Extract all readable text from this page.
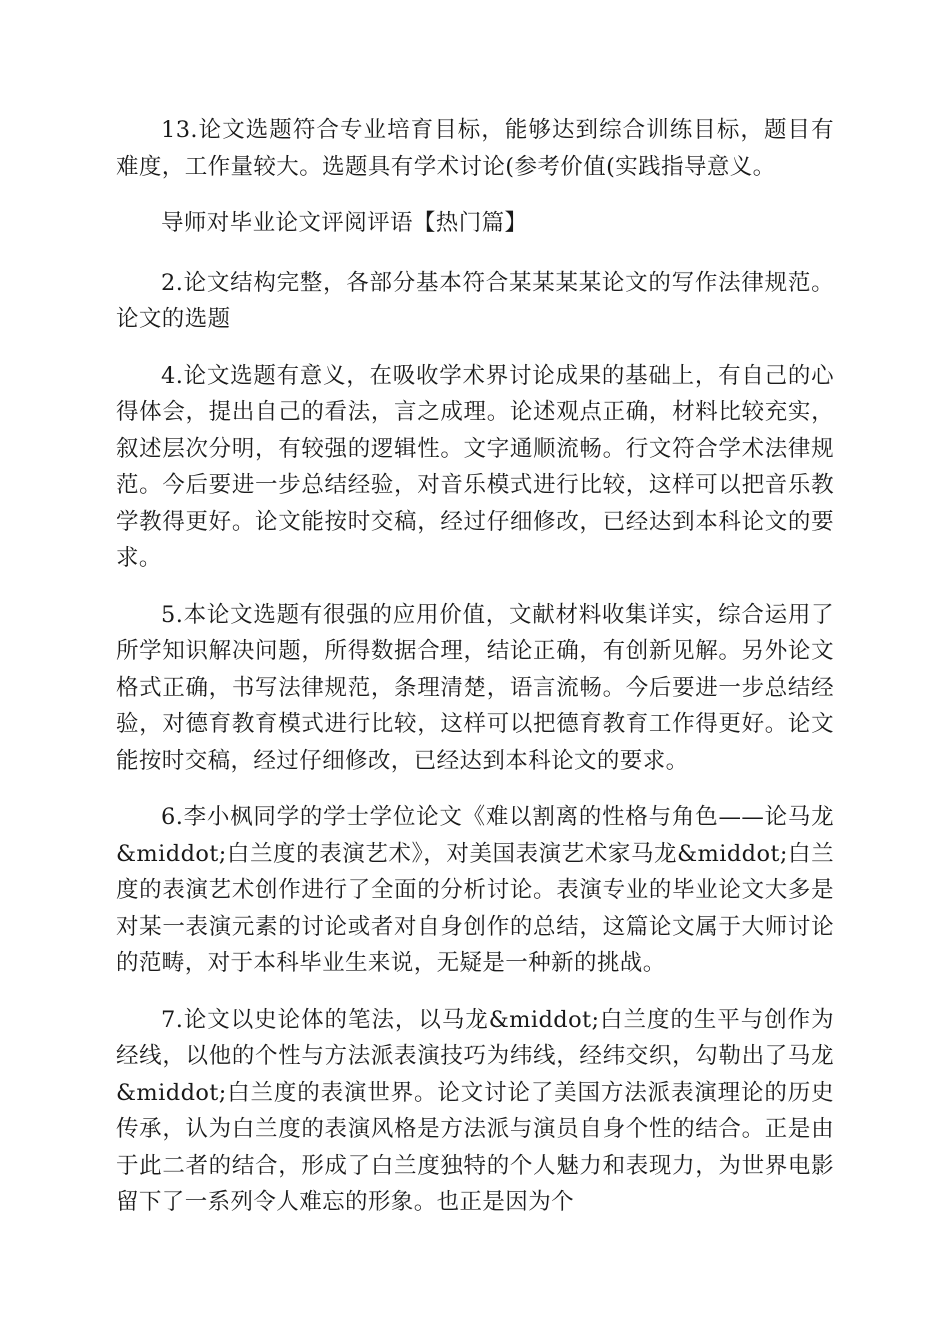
13.论文选题符合专业培育目标，能够达到综合训练目标，题目有难度，工作量较大。选题具有学术讨论(参考价值(实践指导意义。

导师对毕业论文评阅评语【热门篇】

2.论文结构完整，各部分基本符合某某某某论文的写作法律规范。论文的选题

4.论文选题有意义，在吸收学术界讨论成果的基础上，有自己的心得体会，提出自己的看法，言之成理。论述观点正确，材料比较充实，叙述层次分明，有较强的逻辑性。文字通顺流畅。行文符合学术法律规范。今后要进一步总结经验，对音乐模式进行比较，这样可以把音乐教学教得更好。论文能按时交稿，经过仔细修改，已经达到本科论文的要求。

5.本论文选题有很强的应用价值，文献材料收集详实，综合运用了所学知识解决问题，所得数据合理，结论正确，有创新见解。另外论文格式正确，书写法律规范，条理清楚，语言流畅。今后要进一步总结经验，对德育教育模式进行比较，这样可以把德育教育工作得更好。论文能按时交稿，经过仔细修改，已经达到本科论文的要求。

6.李小枫同学的学士学位论文《难以割离的性格与角色——论马龙&middot;白兰度的表演艺术》，对美国表演艺术家马龙&middot;白兰度的表演艺术创作进行了全面的分析讨论。表演专业的毕业论文大多是对某一表演元素的讨论或者对自身创作的总结，这篇论文属于大师讨论的范畴，对于本科毕业生来说，无疑是一种新的挑战。

7.论文以史论体的笔法，以马龙&middot;白兰度的生平与创作为经线，以他的个性与方法派表演技巧为纬线，经纬交织，勾勒出了马龙&middot;白兰度的表演世界。论文讨论了美国方法派表演理论的历史传承，认为白兰度的表演风格是方法派与演员自身个性的结合。正是由于此二者的结合，形成了白兰度独特的个人魅力和表现力，为世界电影留下了一系列令人难忘的形象。也正是因为个
